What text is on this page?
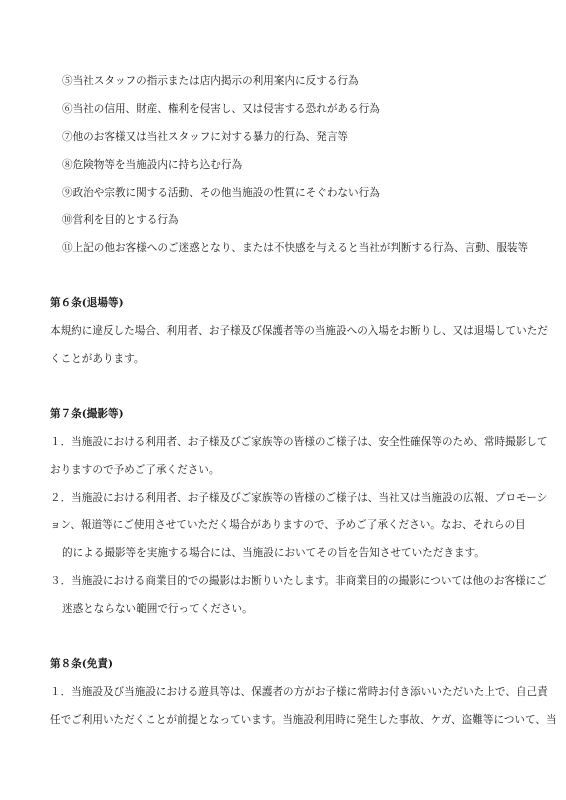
⑤当社スタッフの指示または店内掲示の利用案内に反する行為
⑥当社の信用、財産、権利を侵害し、又は侵害する恐れがある行為
⑦他のお客様又は当社スタッフに対する暴力的行為、発言等
⑧危険物等を当施設内に持ち込む行為
⑨政治や宗教に関する活動、その他当施設の性質にそぐわない行為
⑩営利を目的とする行為
⑪上記の他お客様へのご迷惑となり、または不快感を与えると当社が判断する行為、言動、服装等
第６条(退場等)
本規約に違反した場合、利用者、お子様及び保護者等の当施設への入場をお断りし、又は退場していただ
くことがあります。
第７条(撮影等)
１．当施設における利用者、お子様及びご家族等の皆様のご様子は、安全性確保等のため、常時撮影して
おりますので予めご了承ください。
２．当施設における利用者、お子様及びご家族等の皆様のご様子は、当社又は当施設の広報、プロモーシ
ョン、報道等にご使用させていただく場合がありますので、予めご了承ください。なお、それらの目
的による撮影等を実施する場合には、当施設においてその旨を告知させていただきます。
３．当施設における商業目的での撮影はお断りいたします。非商業目的の撮影については他のお客様にご
迷惑とならない範囲で行ってください。
第８条(免責)
１．当施設及び当施設における遊具等は、保護者の方がお子様に常時お付き添いいただいた上で、自己責
任でご利用いただくことが前提となっています。当施設利用時に発生した事故、ケガ、盗難等について、当
